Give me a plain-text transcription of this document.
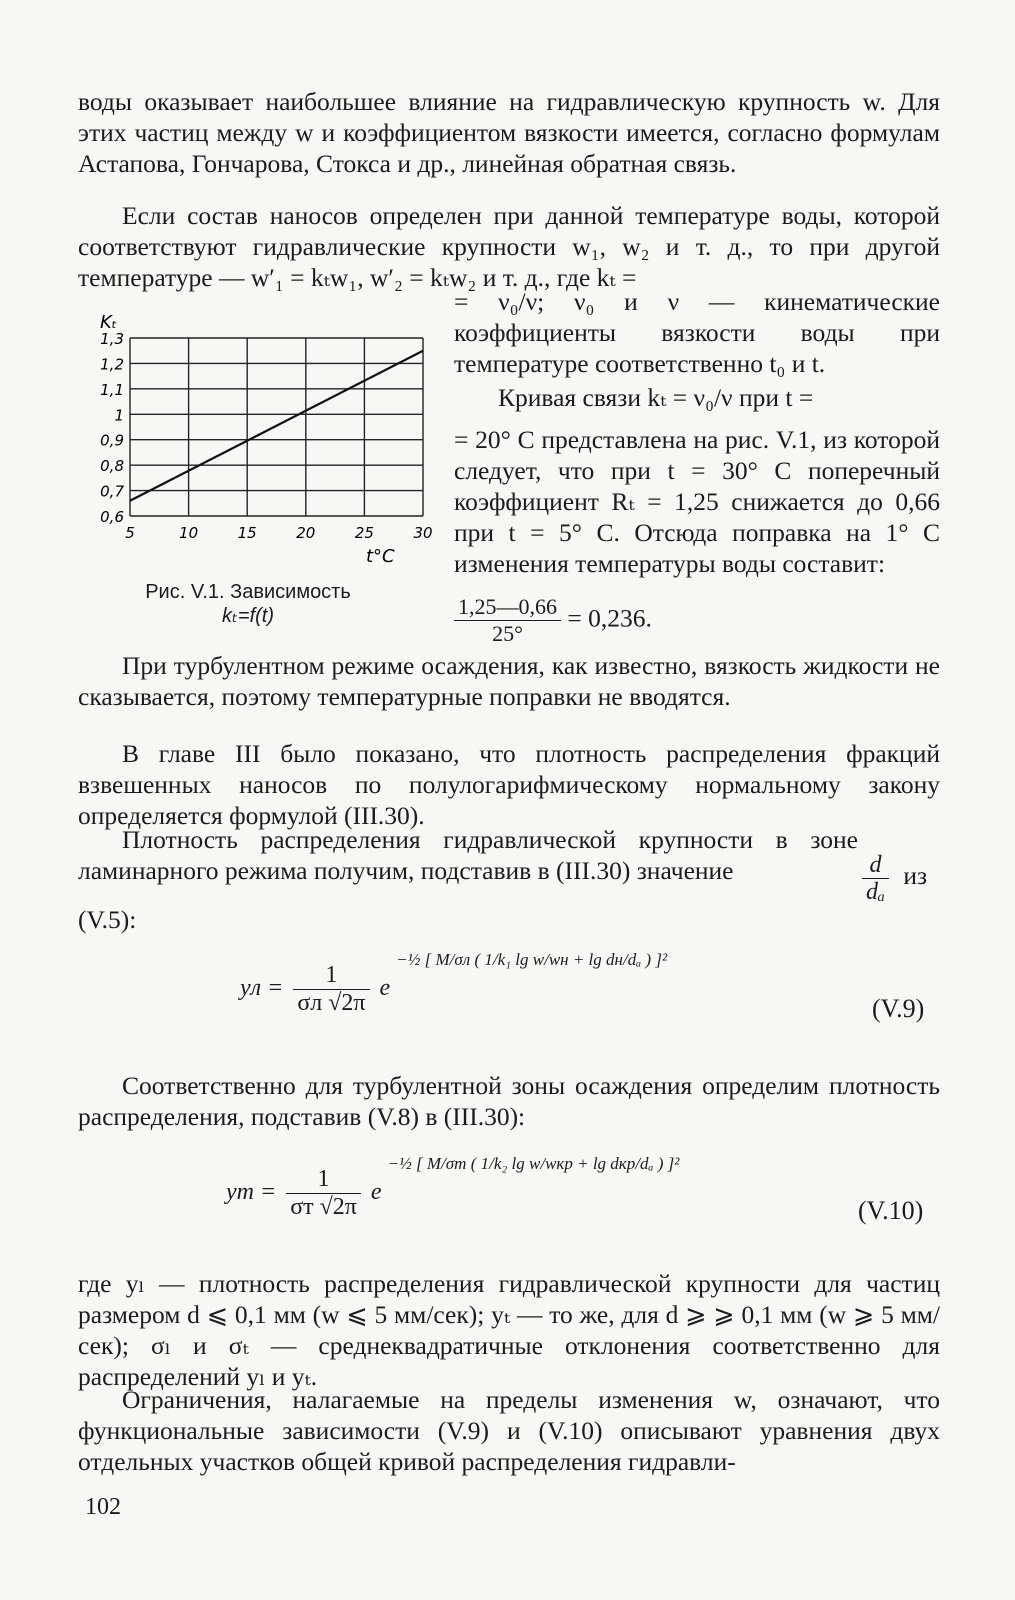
воды оказывает наибольшее влияние на гидравлическую крупность w. Для этих частиц между w и коэффициентом вязкости имеется, согласно формулам Астапова, Гончарова, Стокса и др., линейная обратная связь.

Если состав наносов определен при данной температуре воды, которой соответствуют гидравлические крупности w₁, w₂ и т. д., то при другой температуре — w′₁ = kₜw₁, w′₂ = kₜw₂ и т. д., где kₜ =

= ν₀/ν; ν₀ и ν — кинематические коэффициенты вязкости воды при температуре соответственно t₀ и t.

Kₜ
0,6
0,7
0,8
0,9
1
1,1
1,2
1,3
5	10	15	20	25	30
t°C
Рис. V.1. Зависимость
kₜ=f(t)

Кривая связи kₜ = ν₀/ν при t =

= 20° C представлена на рис. V.1, из которой следует, что при t = 30° C поперечный коэффициент Rₜ = 1,25 снижается до 0,66 при t = 5° C. Отсюда поправка на 1° C изменения температуры воды составит:

$\frac{1,25—0,66}{25^\circ} = 0,236$.

При турбулентном режиме осаждения, как известно, вязкость жидкости не сказывается, поэтому температурные поправки не вводятся.

В главе III было показано, что плотность распределения фракций взвешенных наносов по полулогарифмическому нормальному закону определяется формулой (III.30).

Плотность распределения гидравлической крупности в зоне ламинарного режима получим, подставив в (III.30) значение	$\frac{d}{\text{dₐ}}$ из

(V.5):

yл = $\frac{1}{\sigma л √2\pi}$ e $^{-\frac{1}{2} [ M/\sigma л ( 1/k_1 lg w/wн + lg dн/d_a ) ]^2}$
(V.9)

Соответственно для турбулентной зоны осаждения определим плотность распределения, подставив (V.8) в (III.30):

yт = $\frac{1}{\sigma т √2\pi}$ e $^{-\frac{1}{2} [ M/\sigma т ( 1/k_2 lg w/wкр + lg dкр/d_a ) ]^2}$
(V.10)

где yₗ — плотность распределения гидравлической крупности для частиц размером d ⩽ 0,1 мм (w ⩽ 5 мм/сек); yₜ — то же, для d ⩾ ⩾ 0,1 мм (w ⩾ 5 мм/сек); σₗ и σₜ — среднеквадратичные отклонения соответственно для распределений yₗ и yₜ.

Ограничения, налагаемые на пределы изменения w, означают, что функциональные зависимости (V.9) и (V.10) описывают уравнения двух отдельных участков общей кривой распределения гидравли-

102
